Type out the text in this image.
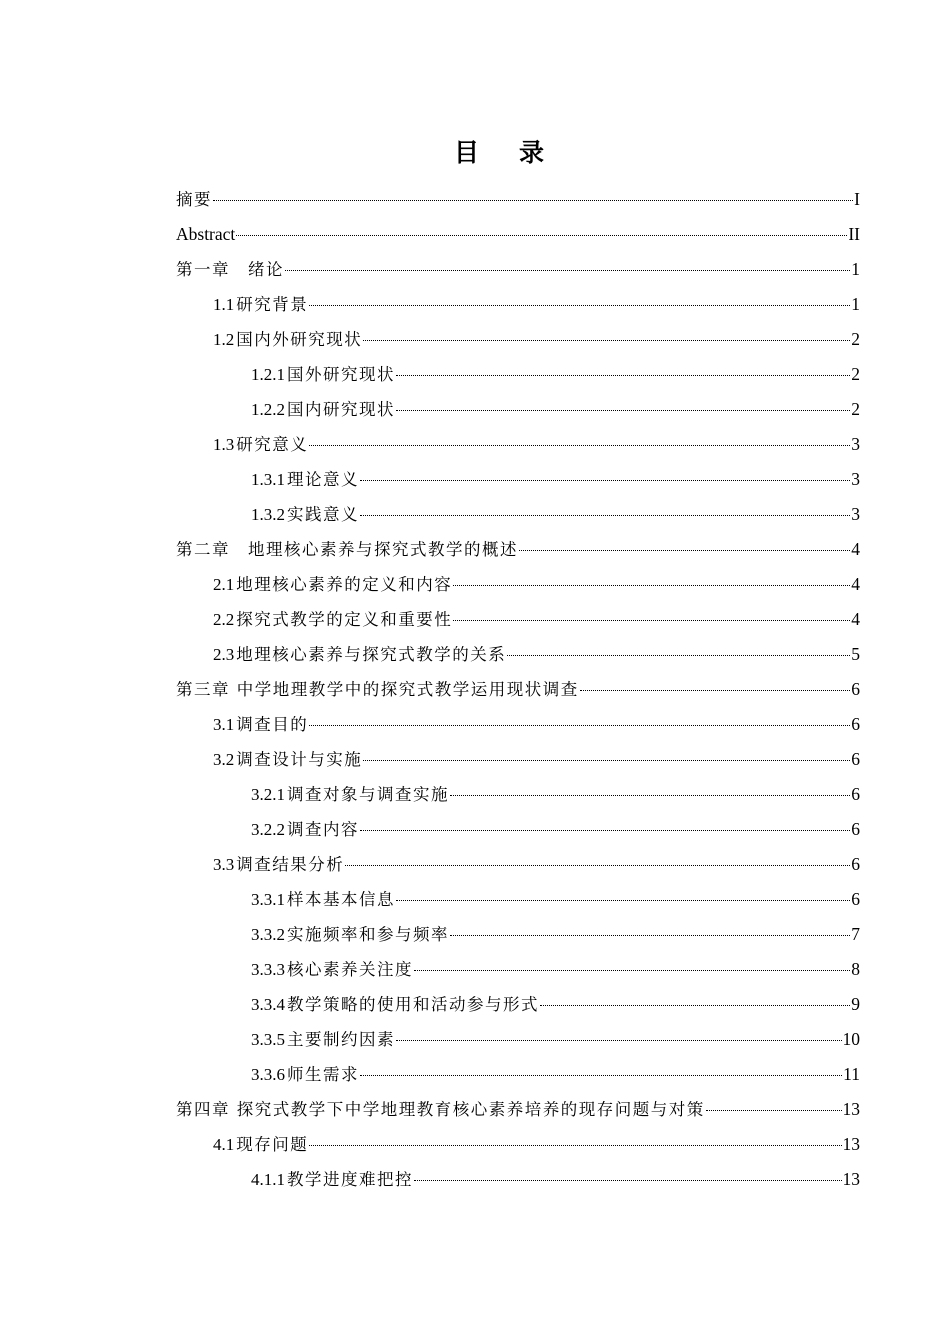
目 录
摘要	I
Abstract	II
第一章　绪论	1
1.1 研究背景	1
1.2 国内外研究现状	2
1.2.1 国外研究现状	2
1.2.2 国内研究现状	2
1.3 研究意义	3
1.3.1 理论意义	3
1.3.2 实践意义	3
第二章　地理核心素养与探究式教学的概述	4
2.1 地理核心素养的定义和内容	4
2.2 探究式教学的定义和重要性	4
2.3 地理核心素养与探究式教学的关系	5
第三章 中学地理教学中的探究式教学运用现状调查	6
3.1 调查目的	6
3.2 调查设计与实施	6
3.2.1 调查对象与调查实施	6
3.2.2 调查内容	6
3.3 调查结果分析	6
3.3.1 样本基本信息	6
3.3.2 实施频率和参与频率	7
3.3.3 核心素养关注度	8
3.3.4 教学策略的使用和活动参与形式	9
3.3.5 主要制约因素	10
3.3.6 师生需求	11
第四章 探究式教学下中学地理教育核心素养培养的现存问题与对策	13
4.1 现存问题	13
4.1.1 教学进度难把控	13
